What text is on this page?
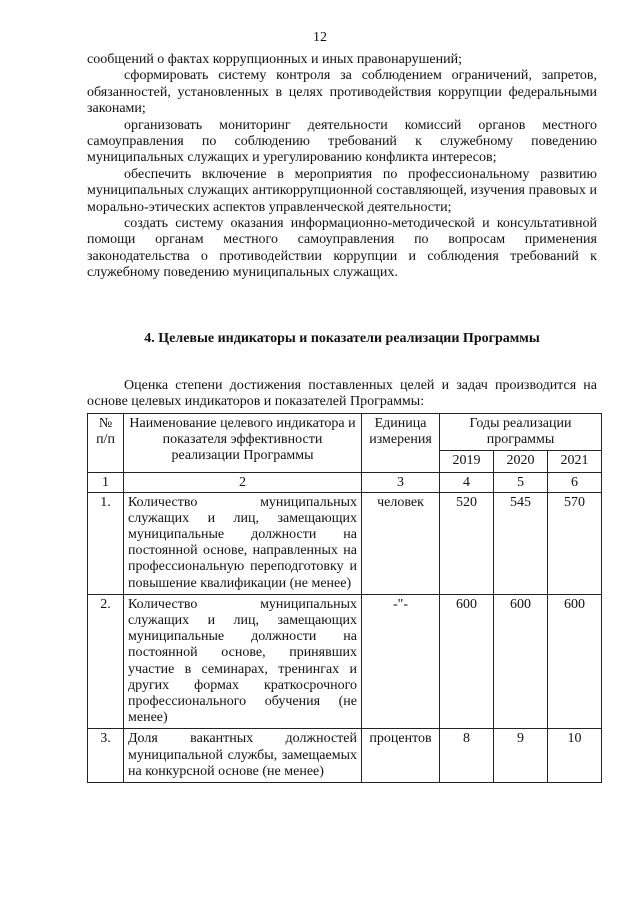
12

сообщений о фактах коррупционных и иных правонарушений;

сформировать систему контроля за соблюдением ограничений, запретов, обязанностей, установленных в целях противодействия коррупции федеральными законами;

организовать мониторинг деятельности комиссий органов местного самоуправления по соблюдению требований к служебному поведению муниципальных служащих и урегулированию конфликта интересов;

обеспечить включение в мероприятия по профессиональному развитию муниципальных служащих антикоррупционной составляющей, изучения правовых и морально-этических аспектов управленческой деятельности;

создать систему оказания информационно-методической и консультативной помощи органам местного самоуправления по вопросам применения законодательства о противодействии коррупции и соблюдения требований к служебному поведению муниципальных служащих.

4. Целевые индикаторы и показатели реализации Программы

Оценка степени достижения поставленных целей и задач производится на основе целевых индикаторов и показателей Программы:

№ п/п	Наименование целевого индикатора и показателя эффективности реализации Программы	Единица измерения	Годы реализации программы		
			2019	2020	2021
1	2	3	4	5	6
1.	Количество муниципальных служащих и лиц, замещающих муниципальные должности на постоянной основе, направленных на профессиональную переподготовку и повышение квалификации (не менее)	человек	520	545	570
2.	Количество муниципальных служащих и лиц, замещающих муниципальные должности на постоянной основе, принявших участие в семинарах, тренингах и других формах краткосрочного профессионального обучения (не менее)	-"-	600	600	600
3.	Доля вакантных должностей муниципальной службы, замещаемых на конкурсной основе (не менее)	процентов	8	9	10
